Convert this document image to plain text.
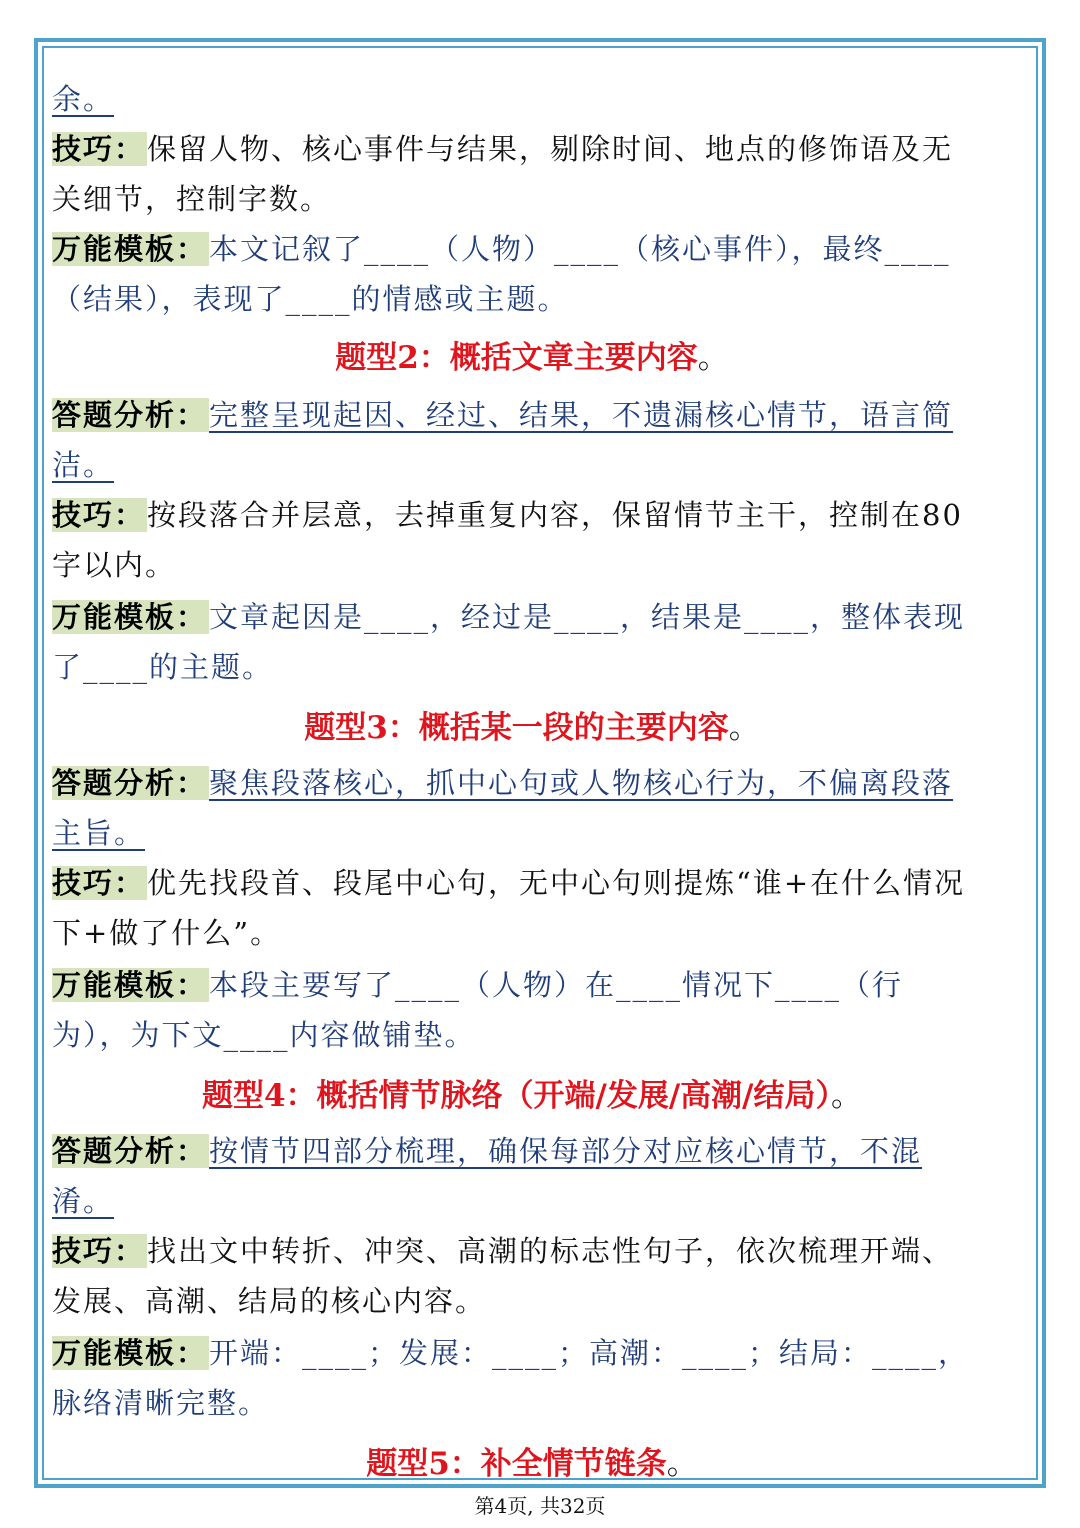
余。
技巧：保留人物、核心事件与结果，剔除时间、地点的修饰语及无
关细节，控制字数。
万能模板：本文记叙了____（人物）____（核心事件），最终____
（结果），表现了____的情感或主题。
题型2：概括文章主要内容。
答题分析：完整呈现起因、经过、结果，不遗漏核心情节，语言简
洁。
技巧：按段落合并层意，去掉重复内容，保留情节主干，控制在80
字以内。
万能模板：文章起因是____，经过是____，结果是____，整体表现
了____的主题。
题型3：概括某一段的主要内容。
答题分析：聚焦段落核心，抓中心句或人物核心行为，不偏离段落
主旨。
技巧：优先找段首、段尾中心句，无中心句则提炼“谁+在什么情况
下+做了什么”。
万能模板：本段主要写了____（人物）在____情况下____（行
为），为下文____内容做铺垫。
题型4：概括情节脉络（开端/发展/高潮/结局）。
答题分析：按情节四部分梳理，确保每部分对应核心情节，不混
淆。
技巧：找出文中转折、冲突、高潮的标志性句子，依次梳理开端、
发展、高潮、结局的核心内容。
万能模板：开端：____；发展：____；高潮：____；结局：____，
脉络清晰完整。
题型5：补全情节链条。
第4页, 共32页
